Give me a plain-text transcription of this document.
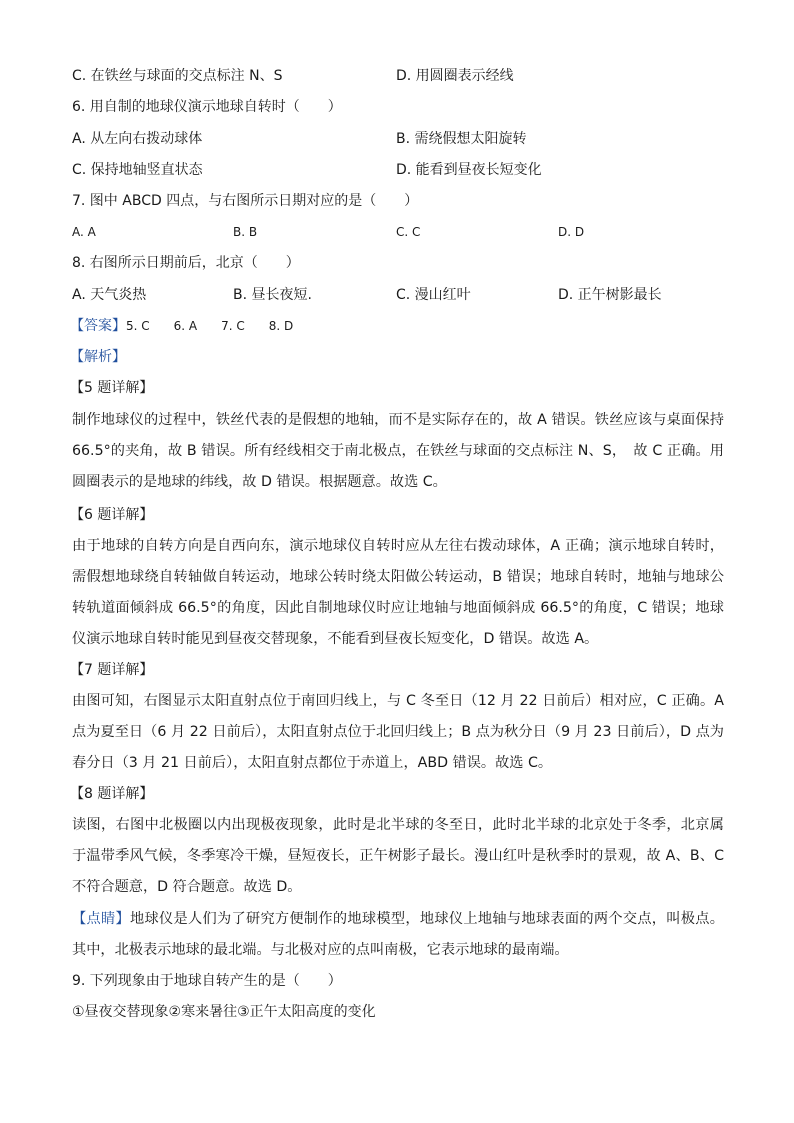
C. 在铁丝与球面的交点标注 N、S	D. 用圆圈表示经线
6. 用自制的地球仪演示地球自转时（　　）
A. 从左向右拨动球体	B. 需绕假想太阳旋转
C. 保持地轴竖直状态	D. 能看到昼夜长短变化
7. 图中 ABCD 四点，与右图所示日期对应的是（　　）
A. A	B. B	C. C	D. D
8. 右图所示日期前后，北京（　　）
A. 天气炎热	B. 昼长夜短.	C. 漫山红叶	D. 正午树影最长
【答案】5. C　　6. A　　7. C　　8. D
【解析】
【5 题详解】
制作地球仪的过程中，铁丝代表的是假想的地轴，而不是实际存在的，故 A 错误。铁丝应该与桌面保持 66.5°的夹角，故 B 错误。所有经线相交于南北极点，在铁丝与球面的交点标注 N、S，　故 C 正确。用圆圈表示的是地球的纬线，故 D 错误。根据题意。故选 C。
【6 题详解】
由于地球的自转方向是自西向东，演示地球仪自转时应从左往右拨动球体，A 正确；演示地球自转时，需假想地球绕自转轴做自转运动，地球公转时绕太阳做公转运动，B 错误；地球自转时，地轴与地球公转轨道面倾斜成 66.5°的角度，因此自制地球仪时应让地轴与地面倾斜成 66.5°的角度，C 错误；地球仪演示地球自转时能见到昼夜交替现象，不能看到昼夜长短变化，D 错误。故选 A。
【7 题详解】
由图可知，右图显示太阳直射点位于南回归线上，与 C 冬至日（12 月 22 日前后）相对应，C 正确。A 点为夏至日（6 月 22 日前后），太阳直射点位于北回归线上；B 点为秋分日（9 月 23 日前后），D 点为春分日（3 月 21 日前后），太阳直射点都位于赤道上，ABD 错误。故选 C。
【8 题详解】
读图，右图中北极圈以内出现极夜现象，此时是北半球的冬至日，此时北半球的北京处于冬季，北京属于温带季风气候，冬季寒冷干燥，昼短夜长，正午树影子最长。漫山红叶是秋季时的景观，故 A、B、C 不符合题意，D 符合题意。故选 D。
【点睛】地球仪是人们为了研究方便制作的地球模型，地球仪上地轴与地球表面的两个交点，叫极点。其中，北极表示地球的最北端。与北极对应的点叫南极，它表示地球的最南端。
9. 下列现象由于地球自转产生的是（　　）
①昼夜交替现象②寒来暑往③正午太阳高度的变化
